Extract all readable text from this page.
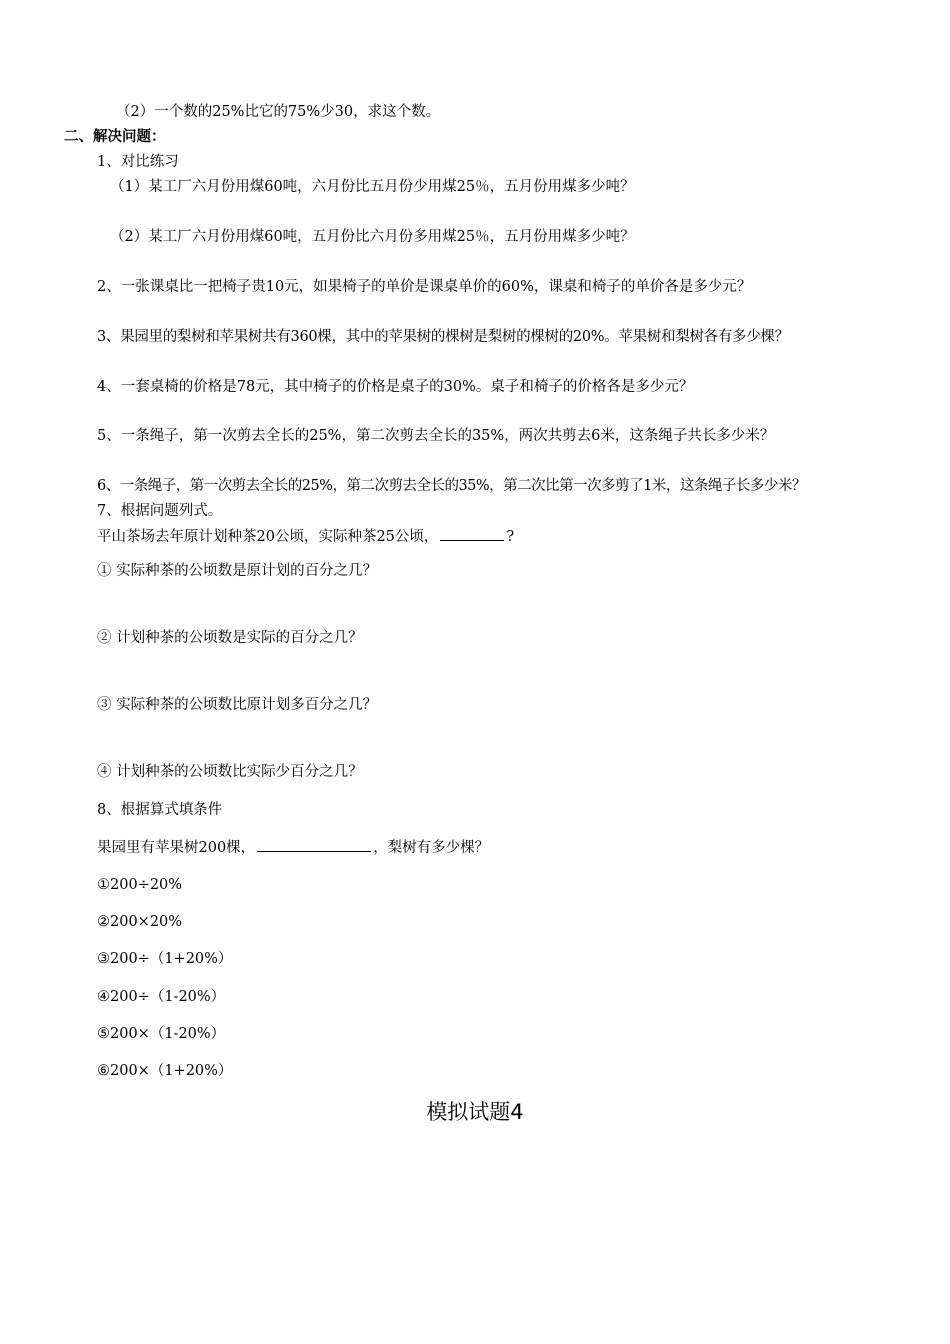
（2）一个数的25%比它的75%少30，求这个数。
二、解决问题：
1、对比练习
（1）某工厂六月份用煤60吨，六月份比五月份少用煤25％，五月份用煤多少吨？
（2）某工厂六月份用煤60吨，五月份比六月份多用煤25％，五月份用煤多少吨？
2、一张课桌比一把椅子贵10元，如果椅子的单价是课桌单价的60%，课桌和椅子的单价各是多少元？
3、果园里的梨树和苹果树共有360棵，其中的苹果树的棵树是梨树的棵树的20%。苹果树和梨树各有多少棵？
4、一套桌椅的价格是78元，其中椅子的价格是桌子的30%。桌子和椅子的价格各是多少元？
5、一条绳子，第一次剪去全长的25%，第二次剪去全长的35%，两次共剪去6米，这条绳子共长多少米？
6、一条绳子，第一次剪去全长的25%，第二次剪去全长的35%，第二次比第一次多剪了1米，这条绳子长多少米？
7、根据问题列式。
平山茶场去年原计划种茶20公顷，实际种茶25公顷，	?
① 实际种茶的公顷数是原计划的百分之几？
② 计划种茶的公顷数是实际的百分之几？
③ 实际种茶的公顷数比原计划多百分之几？
④ 计划种茶的公顷数比实际少百分之几？
8、根据算式填条件
果园里有苹果树200棵，	，梨树有多少棵？
①200÷20%
②200×20%
③200÷（1+20%）
④200÷（1-20%）
⑤200×（1-20%）
⑥200×（1+20%）
模拟试题4
